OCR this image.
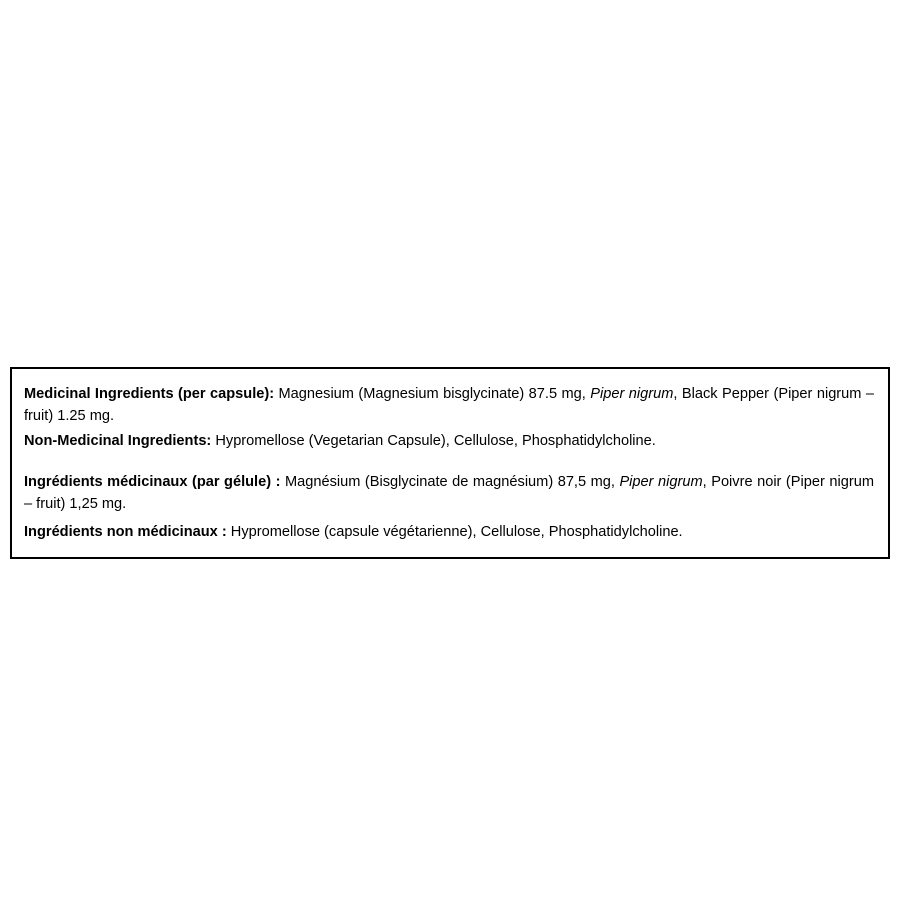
Medicinal Ingredients (per capsule): Magnesium (Magnesium bisglycinate) 87.5 mg, Piper nigrum, Black Pepper (Piper nigrum – fruit) 1.25 mg.

Non-Medicinal Ingredients: Hypromellose (Vegetarian Capsule), Cellulose, Phosphatidylcholine.

Ingrédients médicinaux (par gélule) : Magnésium (Bisglycinate de magnésium) 87,5 mg, Piper nigrum, Poivre noir (Piper nigrum – fruit) 1,25 mg.

Ingrédients non médicinaux : Hypromellose (capsule végétarienne), Cellulose, Phosphatidylcholine.
